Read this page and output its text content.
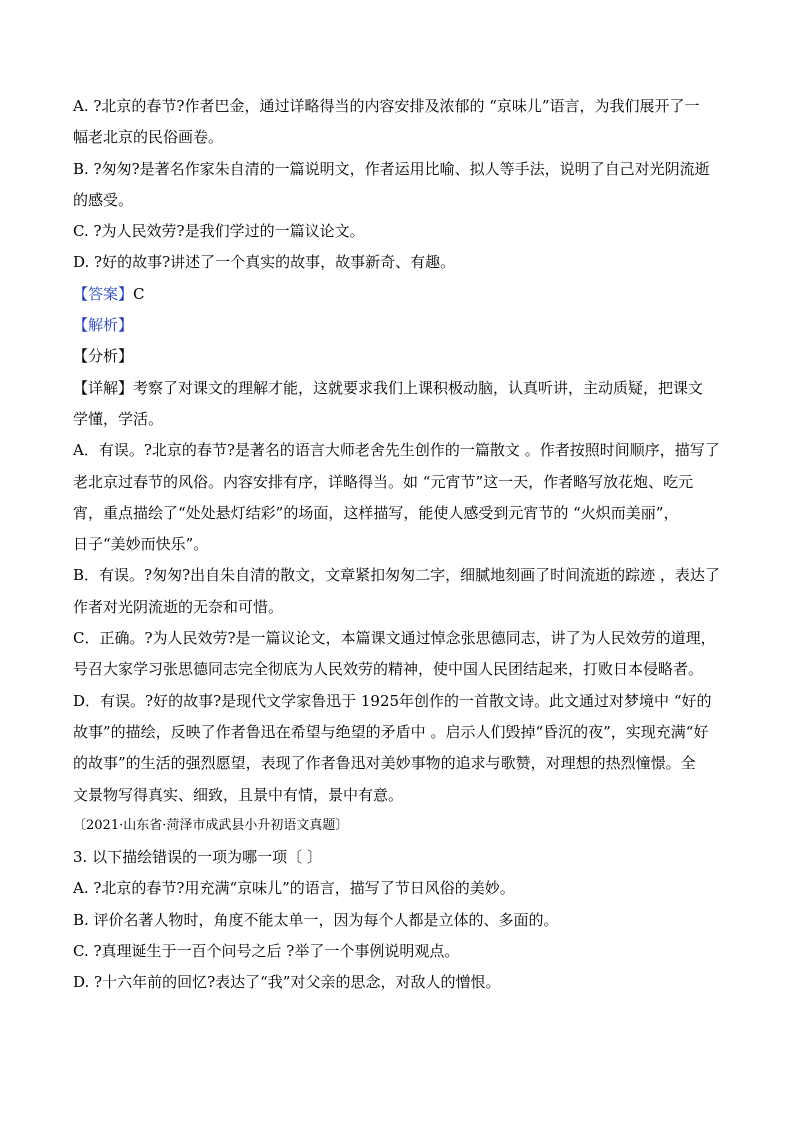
A. ?北京的春节?作者巴金，通过详略得当的内容安排及浓郁的 “京味儿”语言，为我们展开了一
幅老北京的民俗画卷。
B. ?匆匆?是著名作家朱自清的一篇说明文，作者运用比喻、拟人等手法，说明了自己对光阴流逝
的感受。
C. ?为人民效劳?是我们学过的一篇议论文。
D. ?好的故事?讲述了一个真实的故事，故事新奇、有趣。
【答案】C
【解析】
【分析】
【详解】考察了对课文的理解才能，这就要求我们上课积极动脑，认真听讲，主动质疑，把课文
学懂，学活。
A．有误。?北京的春节?是著名的语言大师老舍先生创作的一篇散文 。作者按照时间顺序，描写了
老北京过春节的风俗。内容安排有序，详略得当。如 “元宵节”这一天，作者略写放花炮、吃元
宵，重点描绘了“处处悬灯结彩”的场面，这样描写，能使人感受到元宵节的 “火炽而美丽”，
日子“美妙而快乐”。
B．有误。?匆匆?出自朱自清的散文，文章紧扣匆匆二字，细腻地刻画了时间流逝的踪迹 ，表达了
作者对光阴流逝的无奈和可惜。
C．正确。?为人民效劳?是一篇议论文，本篇课文通过悼念张思德同志，讲了为人民效劳的道理，
号召大家学习张思德同志完全彻底为人民效劳的精神，使中国人民团结起来，打败日本侵略者。
D．有误。?好的故事?是现代文学家鲁迅于 1925年创作的一首散文诗。此文通过对梦境中 “好的
故事”的描绘，反映了作者鲁迅在希望与绝望的矛盾中 。启示人们毁掉“昏沉的夜”，实现充满“好
的故事”的生活的强烈愿望，表现了作者鲁迅对美妙事物的追求与歌赞，对理想的热烈憧憬。全
文景物写得真实、细致，且景中有情，景中有意。
〔2021·山东省·菏泽市成武县小升初语文真题〕
3. 以下描绘错误的一项为哪一项〔 〕
A. ?北京的春节?用充满“京味儿”的语言，描写了节日风俗的美妙。
B. 评价名著人物时，角度不能太单一，因为每个人都是立体的、多面的。
C. ?真理诞生于一百个问号之后 ?举了一个事例说明观点。
D. ?十六年前的回忆?表达了“我”对父亲的思念，对敌人的憎恨。
